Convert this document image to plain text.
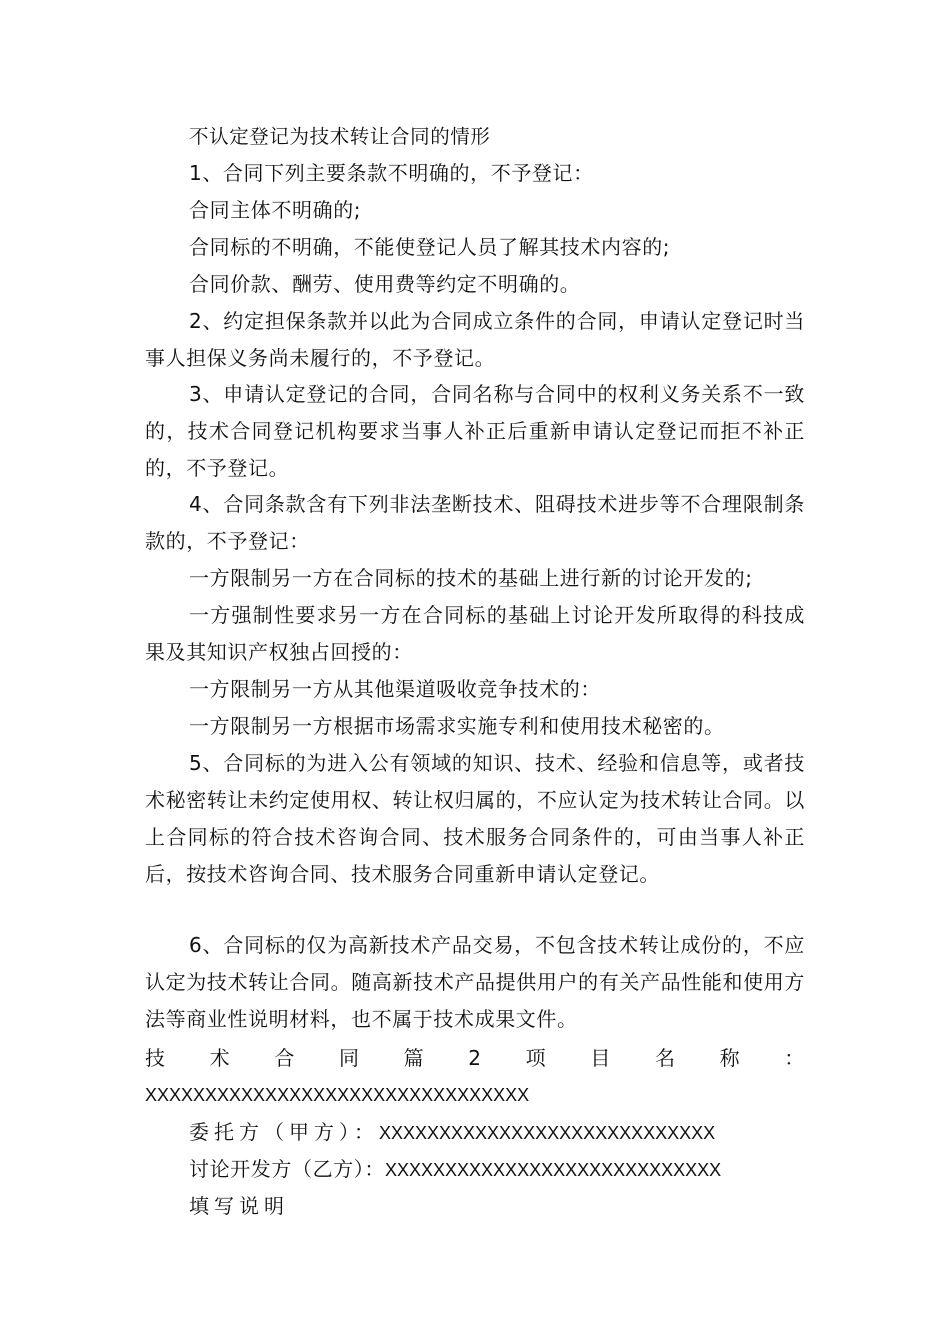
不认定登记为技术转让合同的情形
1、合同下列主要条款不明确的，不予登记：
合同主体不明确的;
合同标的不明确，不能使登记人员了解其技术内容的;
合同价款、酬劳、使用费等约定不明确的。
2、约定担保条款并以此为合同成立条件的合同，申请认定登记时当事人担保义务尚未履行的，不予登记。
3、申请认定登记的合同，合同名称与合同中的权利义务关系不一致的，技术合同登记机构要求当事人补正后重新申请认定登记而拒不补正的，不予登记。
4、合同条款含有下列非法垄断技术、阻碍技术进步等不合理限制条款的，不予登记：
一方限制另一方在合同标的技术的基础上进行新的讨论开发的;
一方强制性要求另一方在合同标的基础上讨论开发所取得的科技成果及其知识产权独占回授的：
一方限制另一方从其他渠道吸收竞争技术的：
一方限制另一方根据市场需求实施专利和使用技术秘密的。
5、合同标的为进入公有领域的知识、技术、经验和信息等，或者技术秘密转让未约定使用权、转让权归属的，不应认定为技术转让合同。以上合同标的符合技术咨询合同、技术服务合同条件的，可由当事人补正后，按技术咨询合同、技术服务合同重新申请认定登记。
6、合同标的仅为高新技术产品交易，不包含技术转让成份的，不应认定为技术转让合同。随高新技术产品提供用户的有关产品性能和使用方法等商业性说明材料，也不属于技术成果文件。
技 术 合 同 篇 2 项 目 名 称 ：
XXXXXXXXXXXXXXXXXXXXXXXXXXXXXXXX
委托方（甲方）：XXXXXXXXXXXXXXXXXXXXXXXXXXXX
讨论开发方（乙方）：XXXXXXXXXXXXXXXXXXXXXXXXXXXX
填写说明
